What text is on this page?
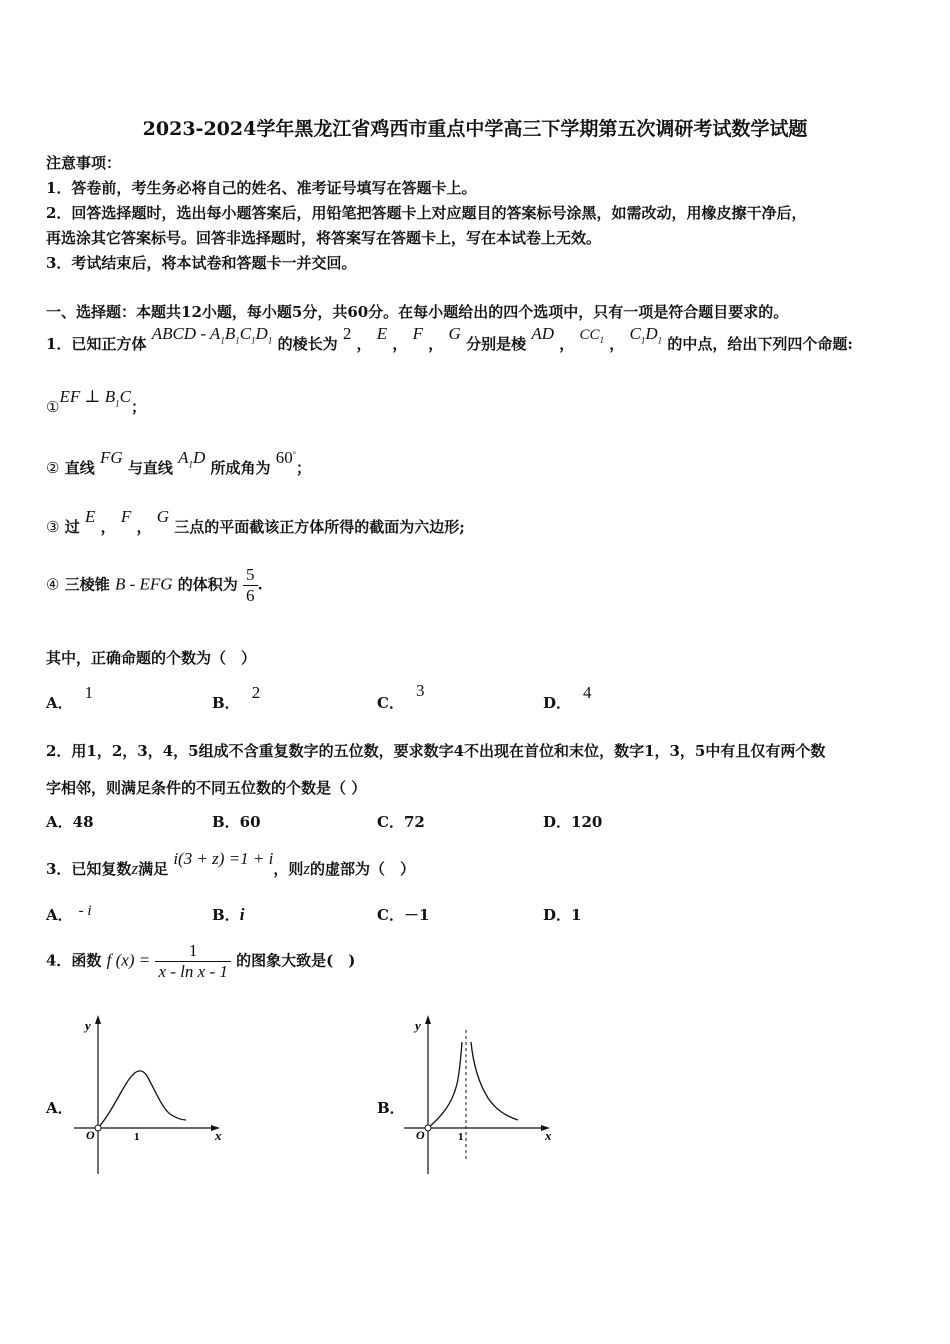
2023-2024学年黑龙江省鸡西市重点中学高三下学期第五次调研考试数学试题
注意事项：
1．答卷前，考生务必将自己的姓名、准考证号填写在答题卡上。
2．回答选择题时，选出每小题答案后，用铅笔把答题卡上对应题目的答案标号涂黑，如需改动，用橡皮擦干净后，
再选涂其它答案标号。回答非选择题时，将答案写在答题卡上，写在本试卷上无效。
3．考试结束后，将本试卷和答题卡一并交回。
一、选择题：本题共12小题，每小题5分，共60分。在每小题给出的四个选项中，只有一项是符合题目要求的。
1．已知正方体 ABCD - $A_1B_1C_1D_1$ 的棱长为 2 ， E ， F ， G 分别是棱 AD ， $CC_1$ ， $C_1D_1$ 的中点，给出下列四个命题:
①EF ⊥ $B_1C$；
② 直线 FG 与直线 $A_1D$ 所成角为 60°；
③ 过 E ， F ， G 三点的平面截该正方体所得的截面为六边形;
④ 三棱锥 B - EFG 的体积为 $\frac{5}{6}$ .
其中，正确命题的个数为（　）
A．1
B．2
C．3
D．4
2．用1，2，3，4，5组成不含重复数字的五位数，要求数字4不出现在首位和末位，数字1，3，5中有且仅有两个数
字相邻，则满足条件的不同五位数的个数是（ ）
A．48	B．60	C．72	D．120
3．已知复数z满足 i(3 + z) =1 + i，则z的虚部为（　）
A． - i	B．i	C．－1	D．1
4．函数 f $(x) = \frac{1}{\text{x - ln x - 1}}$ 的图象大致是(　)
A．	B．
y
x
O	1
y
x
O	1
